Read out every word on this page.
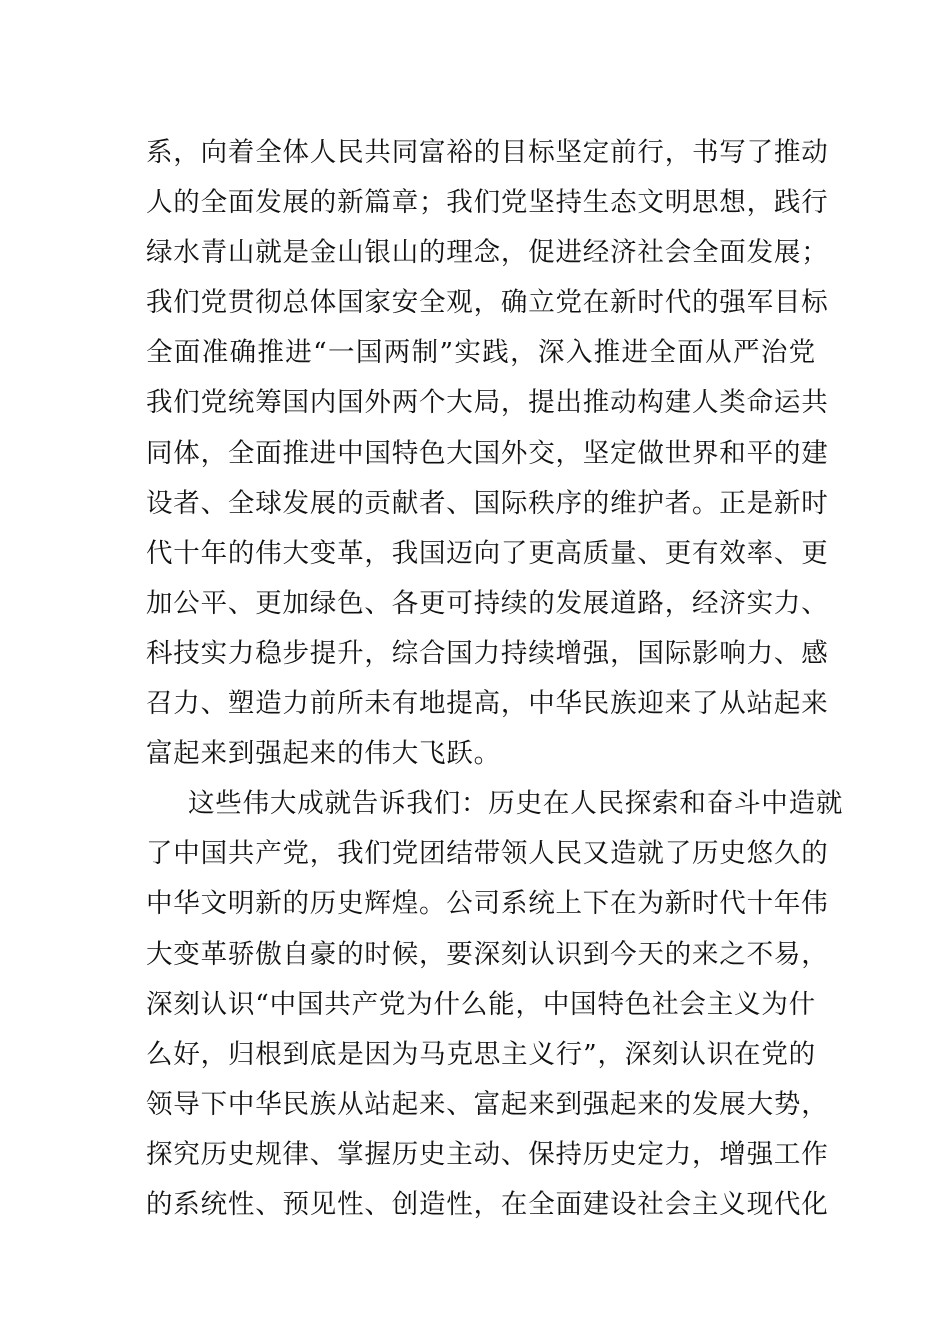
系，向着全体人民共同富裕的目标坚定前行，书写了推动
人的全面发展的新篇章；我们党坚持生态文明思想，践行
绿水青山就是金山银山的理念，促进经济社会全面发展；
我们党贯彻总体国家安全观，确立党在新时代的强军目标
全面准确推进“一国两制”实践，深入推进全面从严治党
我们党统筹国内国外两个大局，提出推动构建人类命运共
同体，全面推进中国特色大国外交，坚定做世界和平的建
设者、全球发展的贡献者、国际秩序的维护者。正是新时
代十年的伟大变革，我国迈向了更高质量、更有效率、更
加公平、更加绿色、各更可持续的发展道路，经济实力、
科技实力稳步提升，综合国力持续增强，国际影响力、感
召力、塑造力前所未有地提高，中华民族迎来了从站起来
富起来到强起来的伟大飞跃。
这些伟大成就告诉我们：历史在人民探索和奋斗中造就
了中国共产党，我们党团结带领人民又造就了历史悠久的
中华文明新的历史辉煌。公司系统上下在为新时代十年伟
大变革骄傲自豪的时候，要深刻认识到今天的来之不易，
深刻认识“中国共产党为什么能，中国特色社会主义为什
么好，归根到底是因为马克思主义行”，深刻认识在党的
领导下中华民族从站起来、富起来到强起来的发展大势，
探究历史规律、掌握历史主动、保持历史定力，增强工作
的系统性、预见性、创造性，在全面建设社会主义现代化
